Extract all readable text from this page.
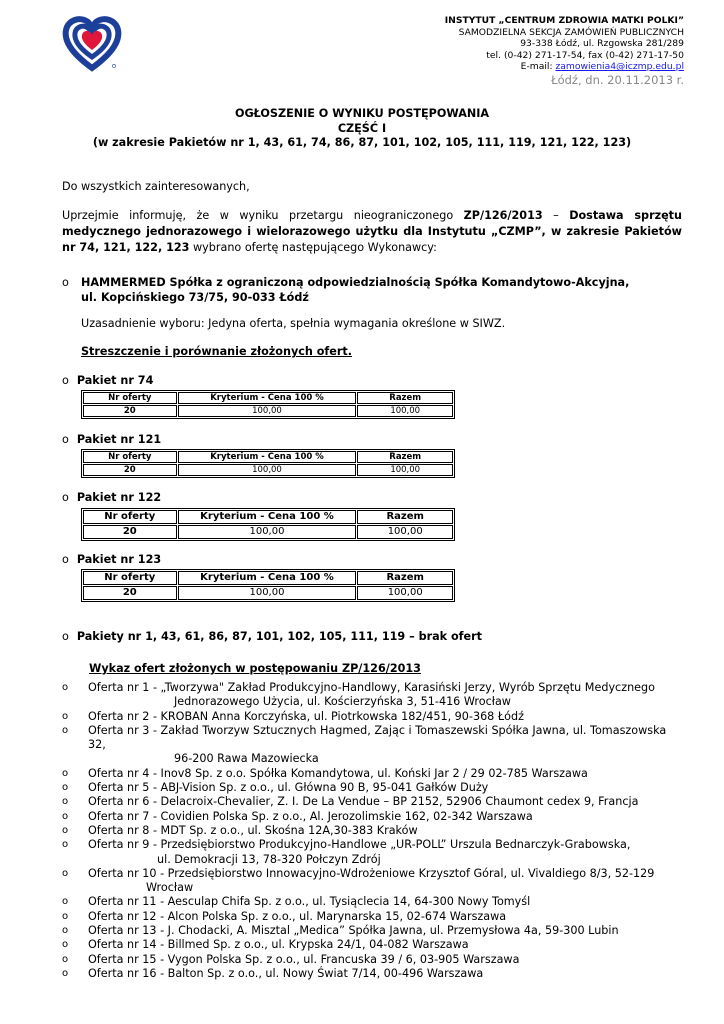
INSTYTUT „CENTRUM ZDROWIA MATKI POLKI”
SAMODZIELNA SEKCJA ZAMÓWIEŃ PUBLICZNYCH
93-338 Łódź, ul. Rzgowska 281/289
tel. (0-42) 271-17-54, fax (0-42) 271-17-50
E-mail: zamowienia4@iczmp.edu.pl
Łódź, dn. 20.11.2013 r.
OGŁOSZENIE O WYNIKU POSTĘPOWANIA
CZĘŚĆ I
(w zakresie Pakietów nr 1, 43, 61, 74, 86, 87, 101, 102, 105, 111, 119, 121, 122, 123)
Do wszystkich zainteresowanych,
Uprzejmie informuję, że w wyniku przetargu nieograniczonego ZP/126/2013 – Dostawa sprzętu medycznego jednorazowego i wielorazowego użytku dla Instytutu „CZMP”, w zakresie Pakietów nr 74, 121, 122, 123 wybrano ofertę następującego Wykonawcy:
o HAMMERMED Spółka z ograniczoną odpowiedzialnością Spółka Komandytowo-Akcyjna,
ul. Kopcińskiego 73/75, 90-033 Łódź
Uzasadnienie wyboru: Jedyna oferta, spełnia wymagania określone w SIWZ.
Streszczenie i porównanie złożonych ofert.
o Pakiet nr 74
Nr oferty	Kryterium - Cena 100 %	Razem
20	100,00	100,00
o Pakiet nr 121
Nr oferty	Kryterium - Cena 100 %	Razem
20	100,00	100,00
o Pakiet nr 122
Nr oferty	Kryterium - Cena 100 %	Razem
20	100,00	100,00
o Pakiet nr 123
Nr oferty	Kryterium - Cena 100 %	Razem
20	100,00	100,00
o Pakiety nr 1, 43, 61, 86, 87, 101, 102, 105, 111, 119 – brak ofert
Wykaz ofert złożonych w postępowaniu ZP/126/2013
o Oferta nr 1 - „Tworzywa" Zakład Produkcyjno-Handlowy, Karasiński Jerzy, Wyrób Sprzętu Medycznego
Jednorazowego Użycia, ul. Kościerzyńska 3, 51-416 Wrocław
o Oferta nr 2 - KROBAN Anna Korczyńska, ul. Piotrkowska 182/451, 90-368 Łódź
o Oferta nr 3 - Zakład Tworzyw Sztucznych Hagmed, Zając i Tomaszewski Spółka Jawna, ul. Tomaszowska 32,
96-200 Rawa Mazowiecka
o Oferta nr 4 - Inov8 Sp. z o.o. Spółka Komandytowa, ul. Koński Jar 2 / 29 02-785 Warszawa
o Oferta nr 5 - ABJ-Vision Sp. z o.o., ul. Główna 90 B, 95-041 Gałków Duży
o Oferta nr 6 - Delacroix-Chevalier, Z. I. De La Vendue – BP 2152, 52906 Chaumont cedex 9, Francja
o Oferta nr 7 - Covidien Polska Sp. z o.o., Al. Jerozolimskie 162, 02-342 Warszawa
o Oferta nr 8 - MDT Sp. z o.o., ul. Skośna 12A,30-383 Kraków
o Oferta nr 9 - Przedsiębiorstwo Produkcyjno-Handlowe „UR-POLL” Urszula Bednarczyk-Grabowska,
ul. Demokracji 13, 78-320 Połczyn Zdrój
o Oferta nr 10 - Przedsiębiorstwo Innowacyjno-Wdrożeniowe Krzysztof Góral, ul. Vivaldiego 8/3, 52-129
Wrocław
o Oferta nr 11 - Aesculap Chifa Sp. z o.o., ul. Tysiąclecia 14, 64-300 Nowy Tomyśl
o Oferta nr 12 - Alcon Polska Sp. z o.o., ul. Marynarska 15, 02-674 Warszawa
o Oferta nr 13 - J. Chodacki, A. Misztal „Medica” Spółka Jawna, ul. Przemysłowa 4a, 59-300 Lubin
o Oferta nr 14 - Billmed Sp. z o.o., ul. Krypska 24/1, 04-082 Warszawa
o Oferta nr 15 - Vygon Polska Sp. z o.o., ul. Francuska 39 / 6, 03-905 Warszawa
o Oferta nr 16 - Balton Sp. z o.o., ul. Nowy Świat 7/14, 00-496 Warszawa
